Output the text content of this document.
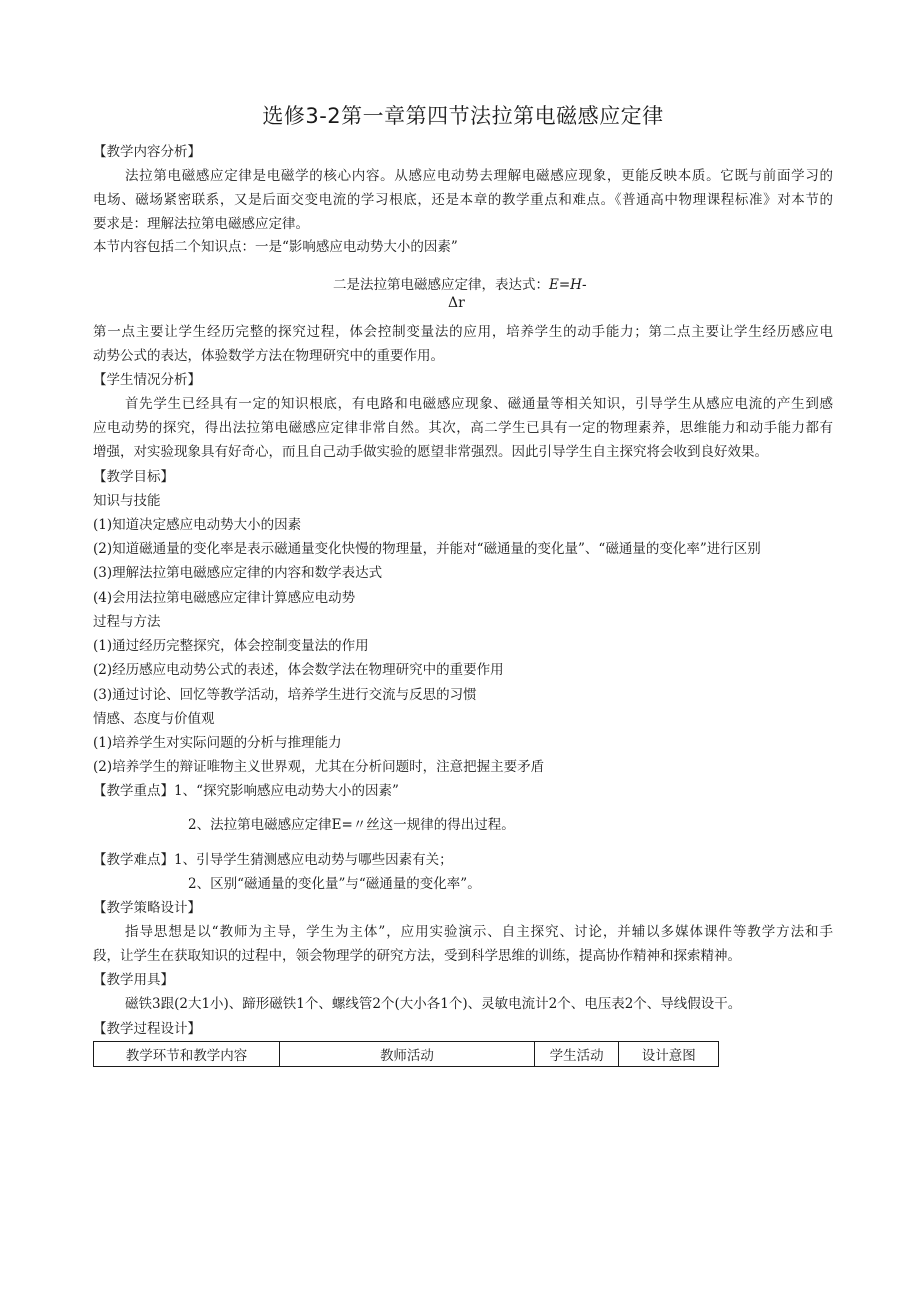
选修3-2第一章第四节法拉第电磁感应定律
【教学内容分析】
法拉第电磁感应定律是电磁学的核心内容。从感应电动势去理解电磁感应现象，更能反映本质。它既与前面学习的
电场、磁场紧密联系，又是后面交变电流的学习根底，还是本章的教学重点和难点。《普通高中物理课程标准》对本节的
要求是：理解法拉第电磁感应定律。
本节内容包括二个知识点：一是“影响感应电动势大小的因素”
二是法拉第电磁感应定律，表达式：E=H-
Δr
第一点主要让学生经历完整的探究过程，体会控制变量法的应用，培养学生的动手能力；第二点主要让学生经历感应电
动势公式的表达，体验数学方法在物理研究中的重要作用。
【学生情况分析】
首先学生已经具有一定的知识根底，有电路和电磁感应现象、磁通量等相关知识，引导学生从感应电流的产生到感
应电动势的探究，得出法拉第电磁感应定律非常自然。其次，高二学生已具有一定的物理素养，思维能力和动手能力都有
增强，对实验现象具有好奇心，而且自己动手做实验的愿望非常强烈。因此引导学生自主探究将会收到良好效果。
【教学目标】
知识与技能
(1)知道决定感应电动势大小的因素
(2)知道磁通量的变化率是表示磁通量变化快慢的物理量，并能对“磁通量的变化量”、“磁通量的变化率”进行区别
(3)理解法拉第电磁感应定律的内容和数学表达式
(4)会用法拉第电磁感应定律计算感应电动势
过程与方法
(1)通过经历完整探究，体会控制变量法的作用
(2)经历感应电动势公式的表述，体会数学法在物理研究中的重要作用
(3)通过讨论、回忆等教学活动，培养学生进行交流与反思的习惯
情感、态度与价值观
(1)培养学生对实际问题的分析与推理能力
(2)培养学生的辩证唯物主义世界观，尤其在分析问题时，注意把握主要矛盾
【教学重点】1、“探究影响感应电动势大小的因素”
2、法拉第电磁感应定律E=〃丝这一规律的得出过程。
【教学难点】1、引导学生猜测感应电动势与哪些因素有关；
2、区别“磁通量的变化量”与“磁通量的变化率”。
【教学策略设计】
指导思想是以“教师为主导，学生为主体”，应用实验演示、自主探究、讨论，并辅以多媒体课件等教学方法和手
段，让学生在获取知识的过程中，领会物理学的研究方法，受到科学思维的训练，提高协作精神和探索精神。
【教学用具】
磁铁3跟(2大1小)、蹄形磁铁1个、螺线管2个(大小各1个)、灵敏电流计2个、电压表2个、导线假设干。
【教学过程设计】
教学环节和教学内容	教师活动	学生活动	设计意图
